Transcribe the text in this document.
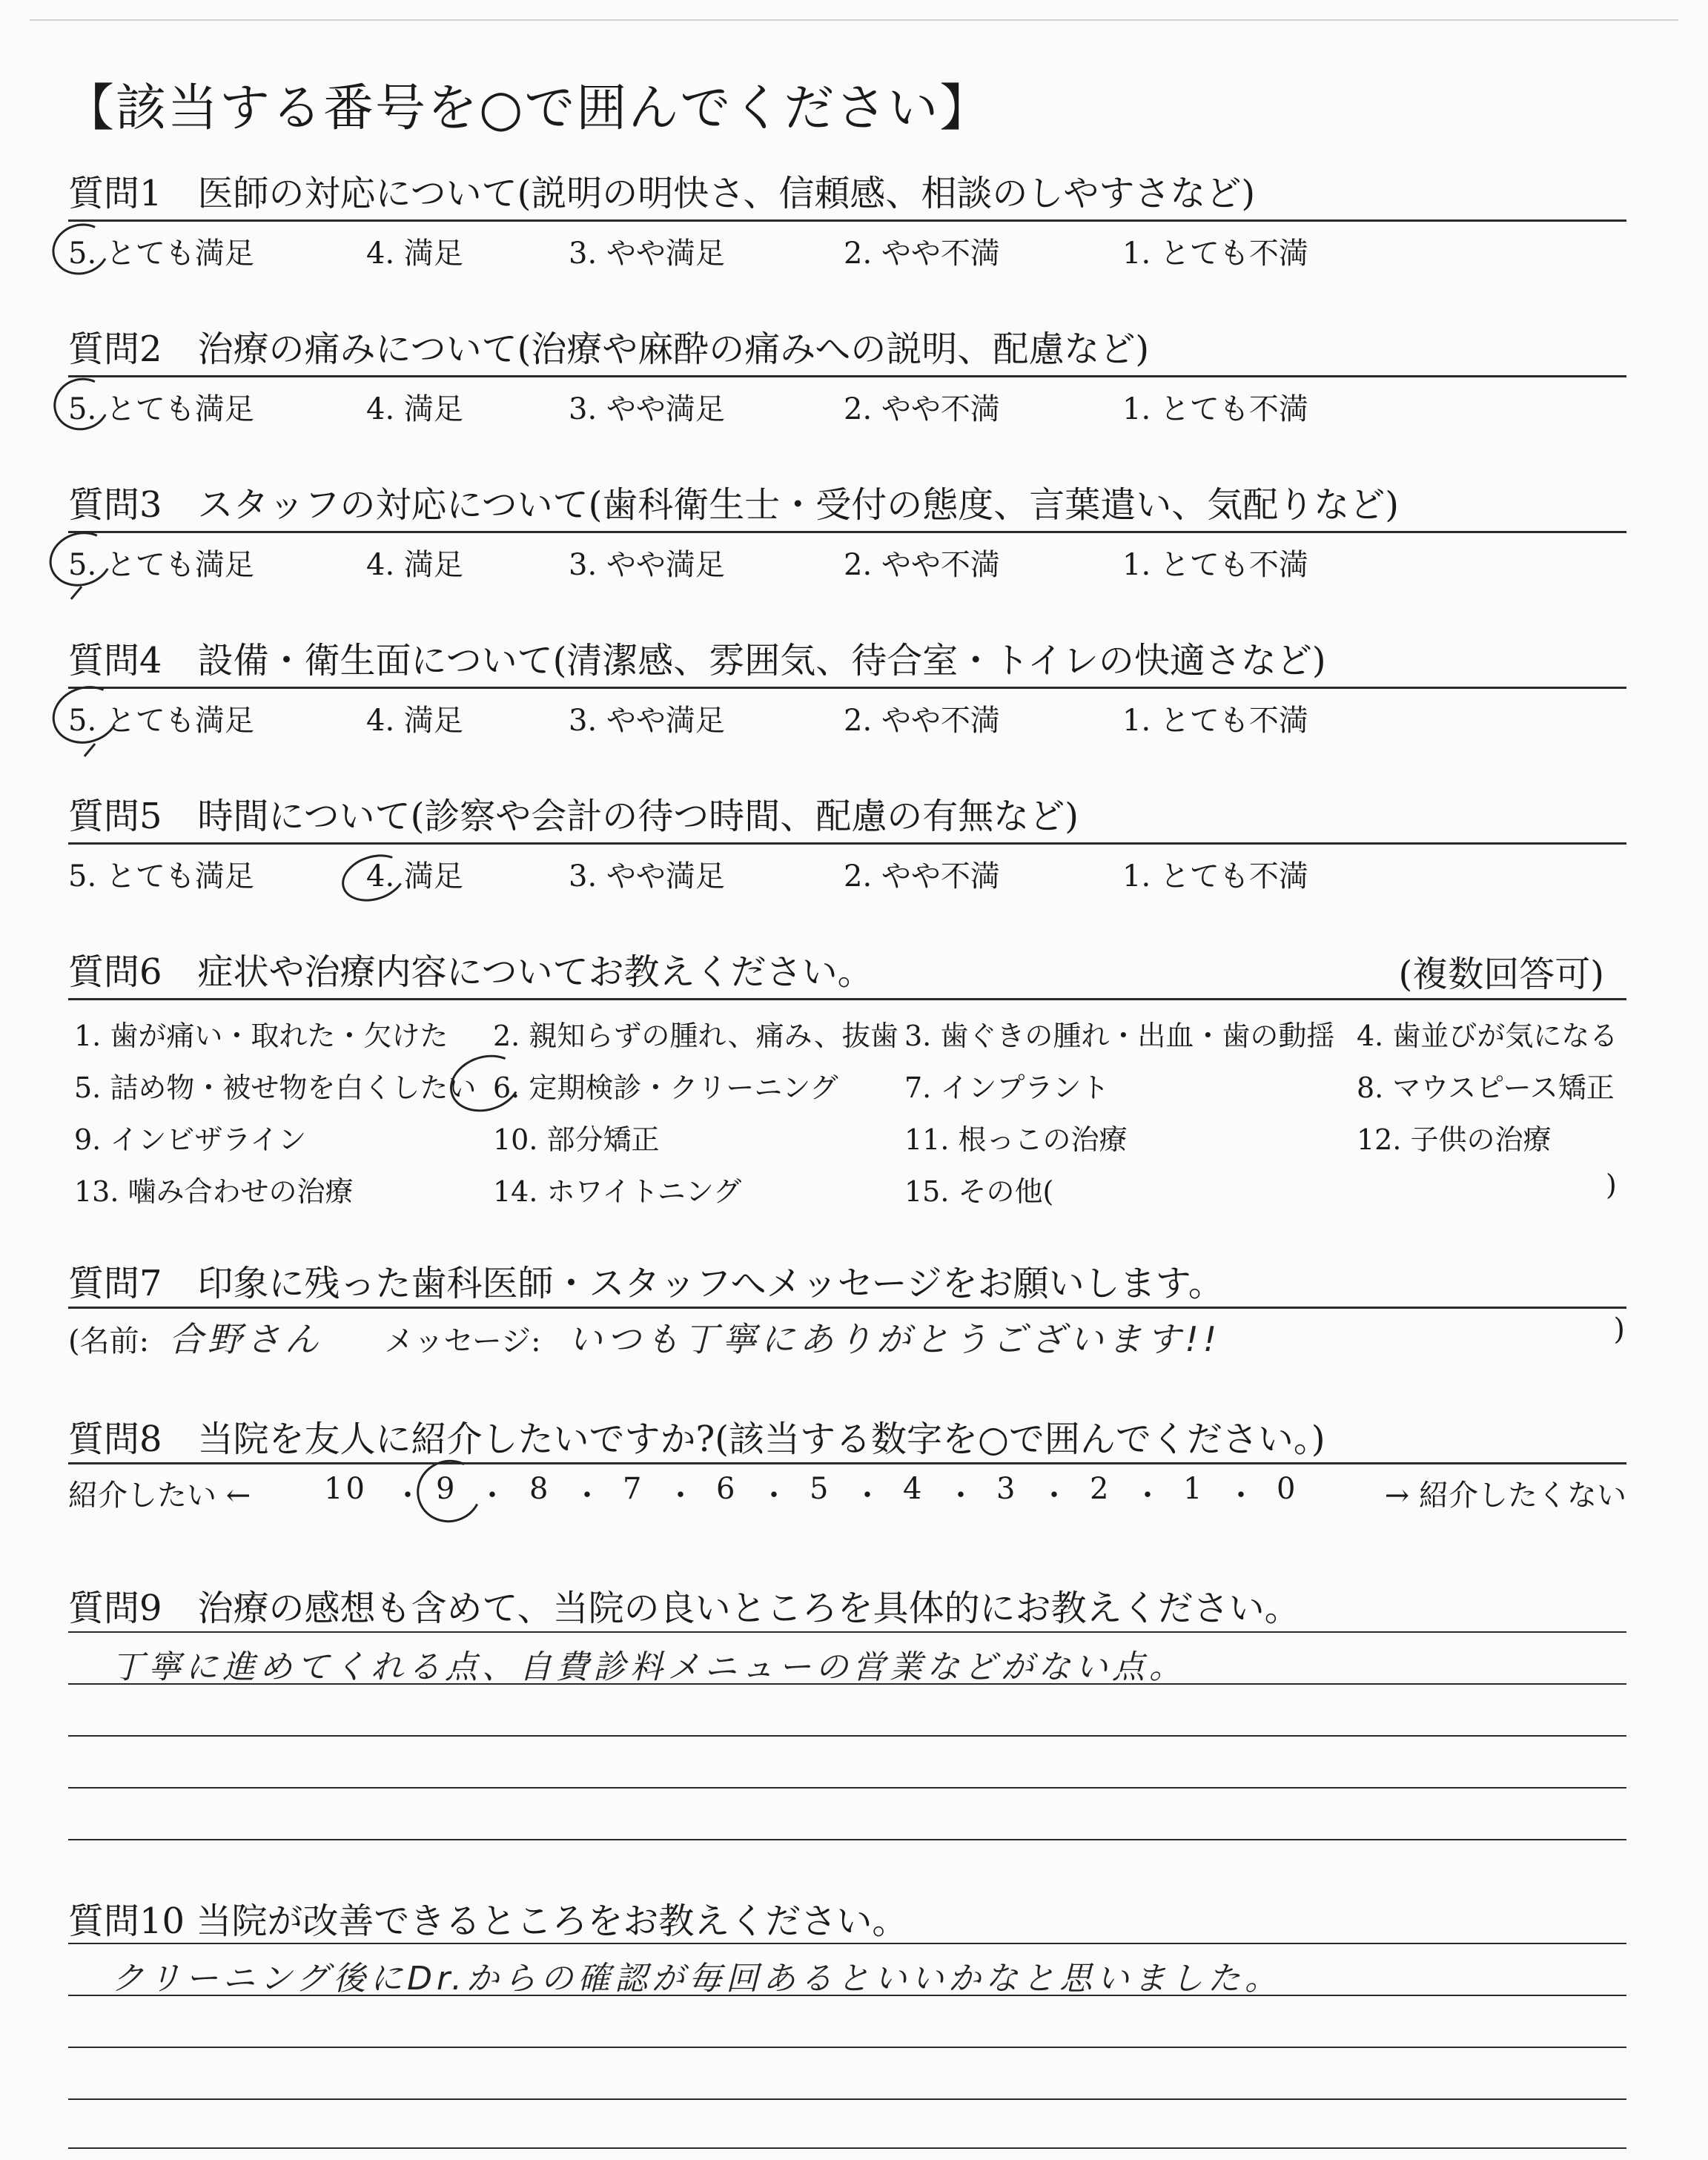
【該当する番号を○で囲んでください】
質問1　医師の対応について(説明の明快さ、信頼感、相談のしやすさなど)
5. とても満足	4. 満足	3. やや満足	2. やや不満	1. とても不満
質問2　治療の痛みについて(治療や麻酔の痛みへの説明、配慮など)
5. とても満足	4. 満足	3. やや満足	2. やや不満	1. とても不満
質問3　スタッフの対応について(歯科衛生士・受付の態度、言葉遣い、気配りなど)
5. とても満足	4. 満足	3. やや満足	2. やや不満	1. とても不満
質問4　設備・衛生面について(清潔感、雰囲気、待合室・トイレの快適さなど)
5. とても満足	4. 満足	3. やや満足	2. やや不満	1. とても不満
質問5　時間について(診察や会計の待つ時間、配慮の有無など)
5. とても満足	4. 満足	3. やや満足	2. やや不満	1. とても不満
質問6　症状や治療内容についてお教えください。	(複数回答可)
1. 歯が痛い・取れた・欠けた 2. 親知らずの腫れ、痛み、抜歯 3. 歯ぐきの腫れ・出血・歯の動揺 4. 歯並びが気になる
5. 詰め物・被せ物を白くしたい 6. 定期検診・クリーニング 7. インプラント	8. マウスピース矯正
9. インビザライン	10. 部分矯正	11. 根っこの治療	12. 子供の治療
13. 噛み合わせの治療	14. ホワイトニング	15. その他(	)
質問7　印象に残った歯科医師・スタッフへメッセージをお願いします。
(名前: 合野さん メッセージ: いつも丁寧にありがとうございます!!	)
質問8　当院を友人に紹介したいですか?(該当する数字を○で囲んでください。)
紹介したい ← 10 ・ 9 ・ 8 ・ 7 ・ 6 ・ 5 ・ 4 ・ 3 ・ 2 ・ 1 ・ 0	→ 紹介したくない
質問9　治療の感想も含めて、当院の良いところを具体的にお教えください。
丁寧に進めてくれる点、自費診料メニューの営業などがない点。
質問10 当院が改善できるところをお教えください。
クリーニング後にDr.からの確認が毎回あるといいかなと思いました。
